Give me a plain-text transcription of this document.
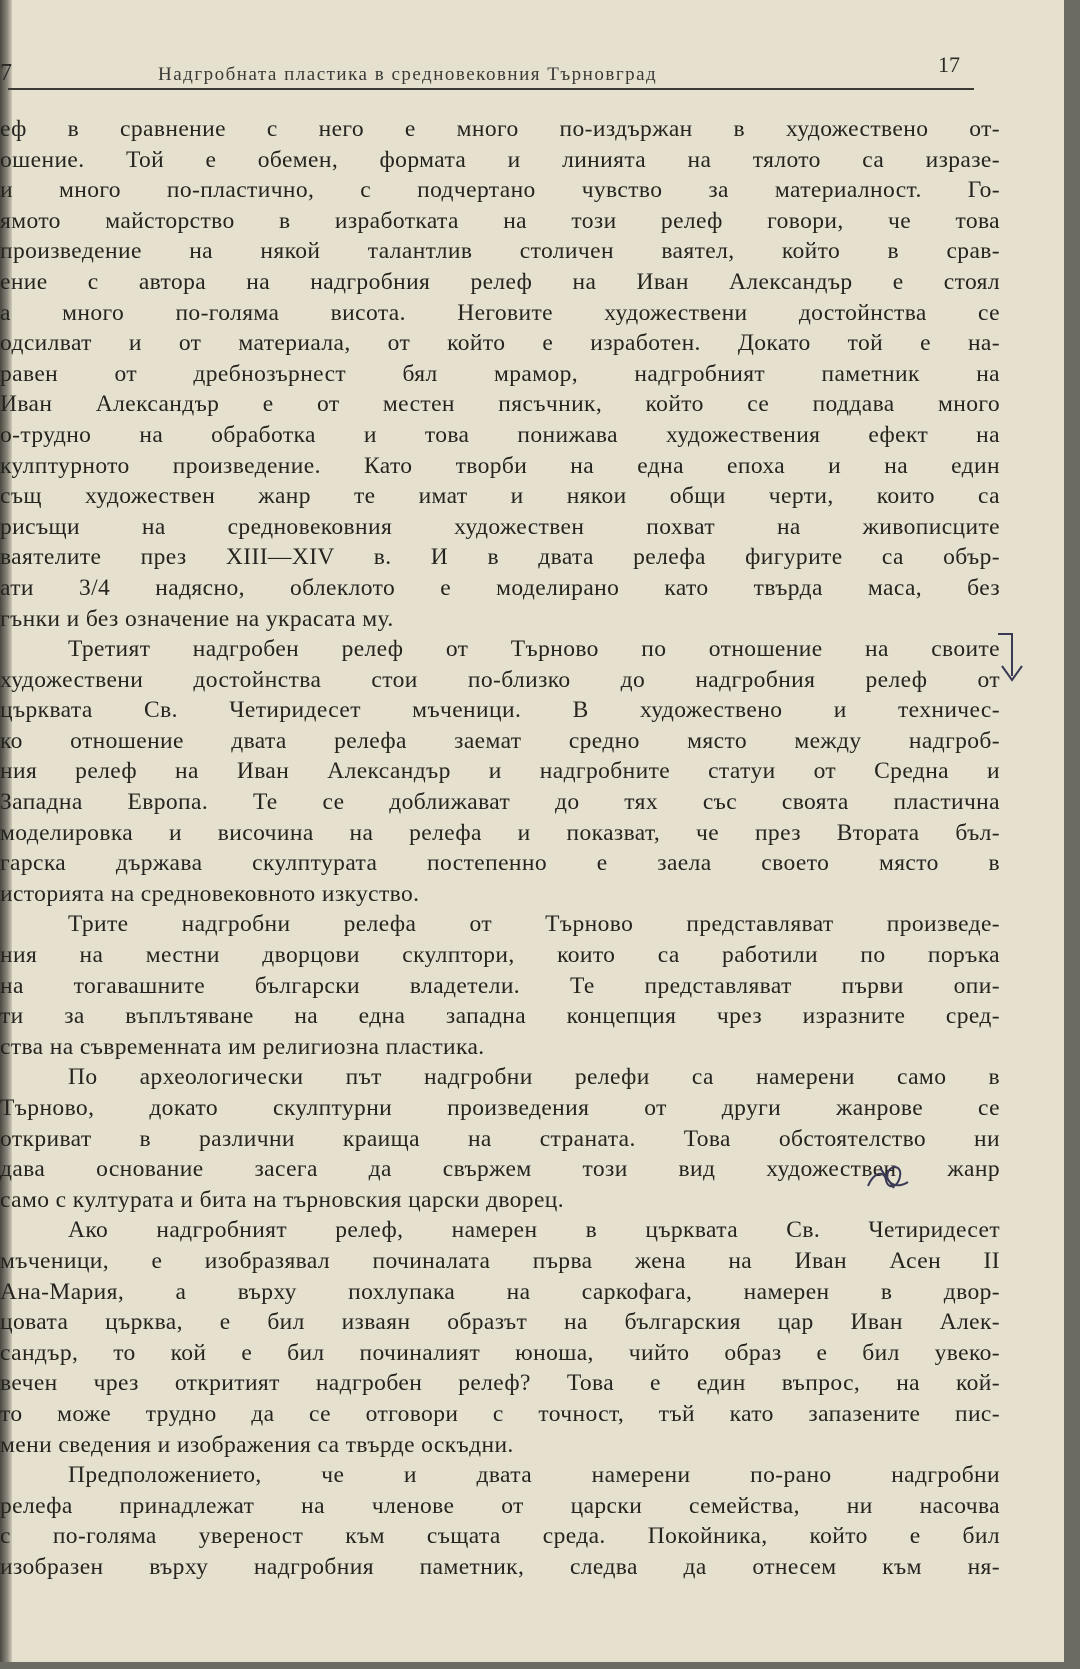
7	Надгробната пластика в средновековния Търновград	17
еф в сравнение с него е много по-издържан в художествено от-
ошение. Той е обемен, формата и линията на тялото са изразе-
и много по-пластично, с подчертано чувство за материалност. Го-
ямото майсторство в изработката на този релеф говори, че това
произведение на някой талантлив столичен ваятел, който в срав-
ение с автора на надгробния релеф на Иван Александър е стоял
а много по-голяма висота. Неговите художествени достойнства се
одсилват и от материала, от който е изработен. Докато той е на-
равен от дребнозърнест бял мрамор, надгробният паметник на
Иван Александър е от местен пясъчник, който се поддава много
о-трудно на обработка и това понижава художествения ефект на
кулптурното произведение. Като творби на една епоха и на един
същ художествен жанр те имат и някои общи черти, които са
рисъщи на средновековния художествен похват на живописците
ваятелите през XIII—XIV в. И в двата релефа фигурите са обър-
ати 3/4 надясно, облеклото е моделирано като твърда маса, без
гънки и без означение на украсата му.
Третият надгробен релеф от Търново по отношение на своите
художествени достойнства стои по-близко до надгробния релеф от
църквата Св. Четиридесет мъченици. В художествено и техничес-
ко отношение двата релефа заемат средно място между надгроб-
ния релеф на Иван Александър и надгробните статуи от Средна и
Западна Европа. Те се доближават до тях със своята пластична
моделировка и височина на релефа и показват, че през Втората бъл-
гарска държава скулптурата постепенно е заела своето място в
историята на средновековното изкуство.
Трите надгробни релефа от Търново представляват произведе-
ния на местни дворцови скулптори, които са работили по поръка
на тогавашните български владетели. Те представляват първи опи-
ти за въплътяване на една западна концепция чрез изразните сред-
ства на съвременната им религиозна пластика.
По археологически път надгробни релефи са намерени само в
Търново, докато скулптурни произведения от други жанрове се
откриват в различни краища на страната. Това обстоятелство ни
дава основание засега да свържем този вид художествен жанр
само с културата и бита на търновския царски дворец.
Ако надгробният релеф, намерен в църквата Св. Четиридесет
мъченици, е изобразявал починалата първа жена на Иван Асен II
Ана-Мария, а върху похлупака на саркофага, намерен в двор-
цовата църква, е бил изваян образът на българския цар Иван Алек-
сандър, то кой е бил починалият юноша, чийто образ е бил увеко-
вечен чрез откритият надгробен релеф? Това е един въпрос, на кой-
то може трудно да се отговори с точност, тъй като запазените пис-
мени сведения и изображения са твърде оскъдни.
Предположението, че и двата намерени по-рано надгробни
релефа принадлежат на членове от царски семейства, ни насочва
с по-голяма увереност към същата среда. Покойника, който е бил
изобразен върху надгробния паметник, следва да отнесем към ня-
